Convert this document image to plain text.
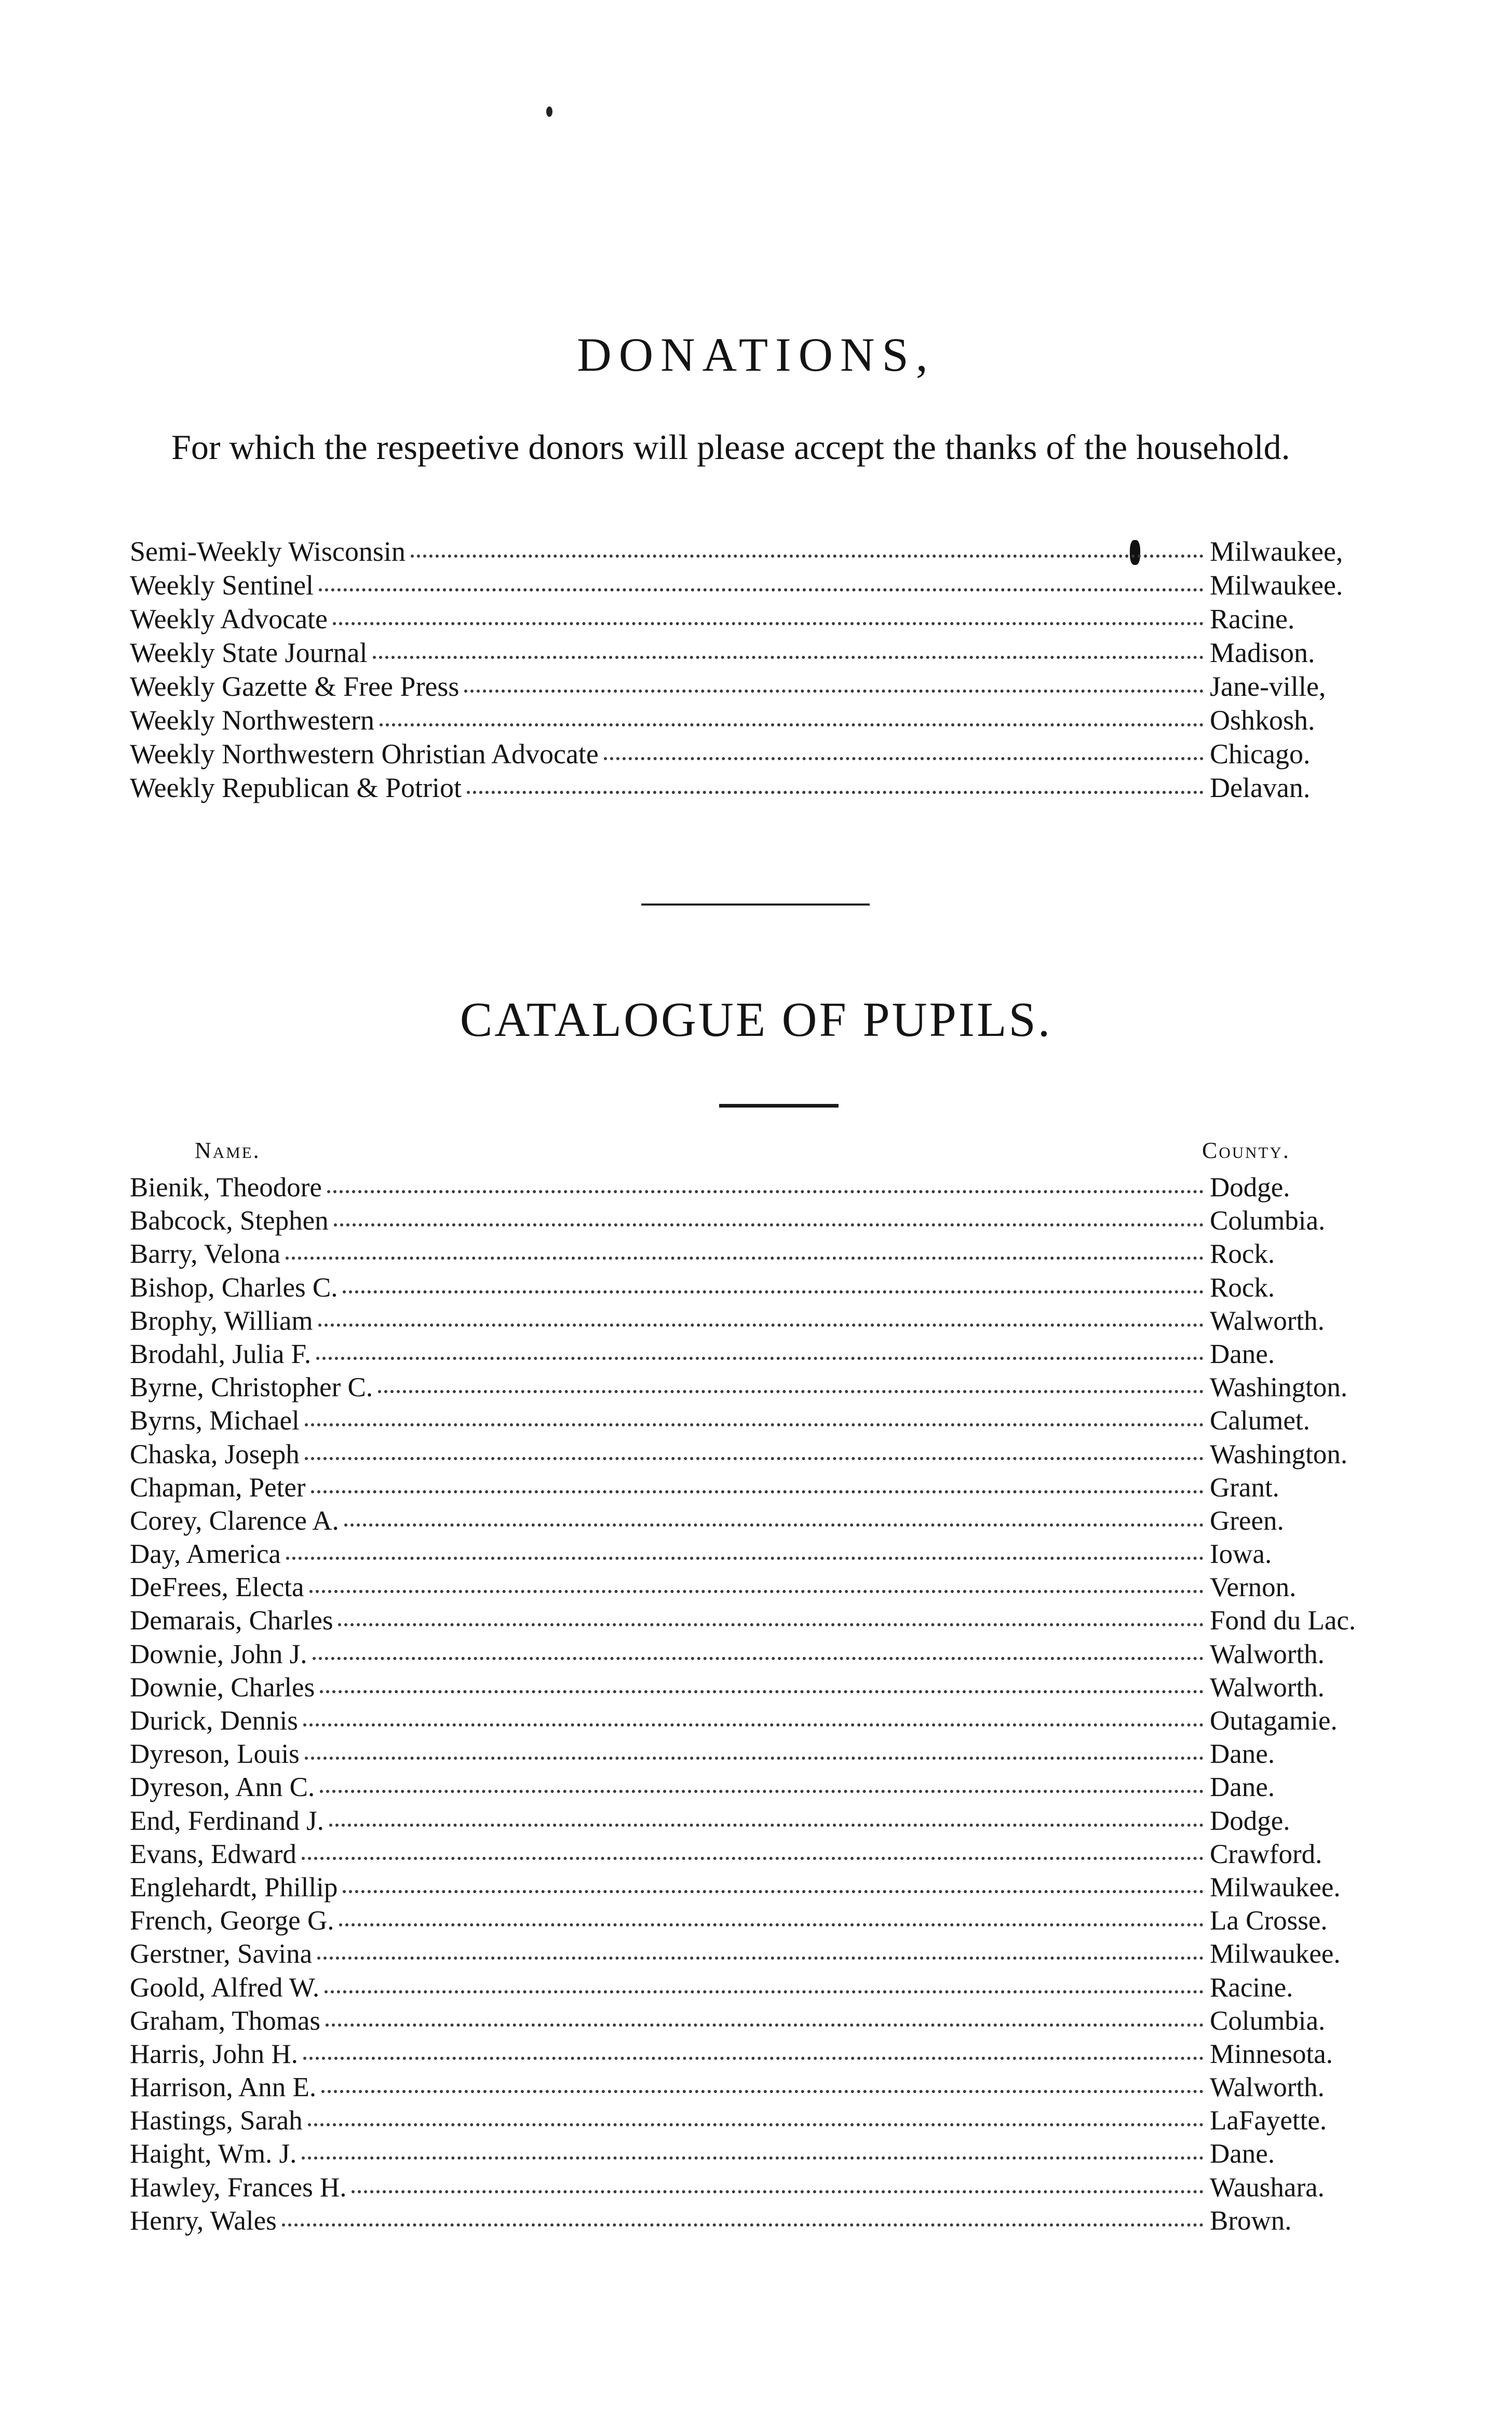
DONATIONS,
For which the respeetive donors will please accept the thanks of the household.
Semi-Weekly Wisconsin	Milwaukee,
Weekly Sentinel	Milwaukee.
Weekly Advocate	Racine.
Weekly State Journal	Madison.
Weekly Gazette & Free Press	Jane-ville,
Weekly Northwestern	Oshkosh.
Weekly Northwestern Ohristian Advocate	Chicago.
Weekly Republican & Potriot	Delavan.
CATALOGUE OF PUPILS.
Name.	County.
Bienik, Theodore	Dodge.
Babcock, Stephen	Columbia.
Barry, Velona	Rock.
Bishop, Charles C.	Rock.
Brophy, William	Walworth.
Brodahl, Julia F.	Dane.
Byrne, Christopher C.	Washington.
Byrns, Michael	Calumet.
Chaska, Joseph	Washington.
Chapman, Peter	Grant.
Corey, Clarence A.	Green.
Day, America	Iowa.
DeFrees, Electa	Vernon.
Demarais, Charles	Fond du Lac.
Downie, John J.	Walworth.
Downie, Charles	Walworth.
Durick, Dennis	Outagamie.
Dyreson, Louis	Dane.
Dyreson, Ann C.	Dane.
End, Ferdinand J.	Dodge.
Evans, Edward	Crawford.
Englehardt, Phillip	Milwaukee.
French, George G.	La Crosse.
Gerstner, Savina	Milwaukee.
Goold, Alfred W.	Racine.
Graham, Thomas	Columbia.
Harris, John H.	Minnesota.
Harrison, Ann E.	Walworth.
Hastings, Sarah	LaFayette.
Haight, Wm. J.	Dane.
Hawley, Frances H.	Waushara.
Henry, Wales	Brown.
